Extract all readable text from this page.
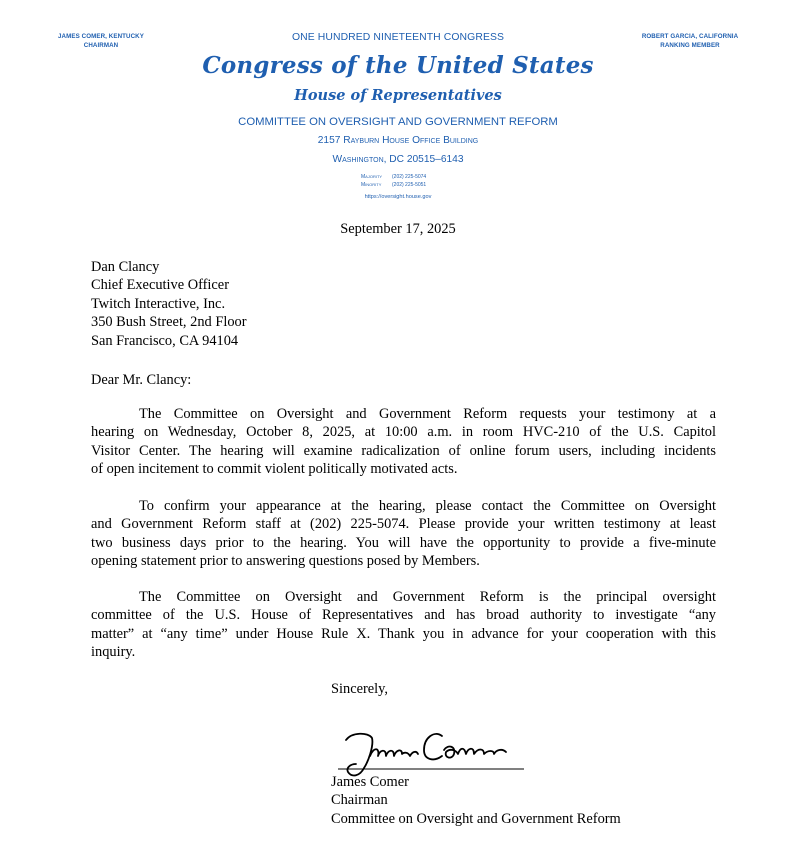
JAMES COMER, KENTUCKY
CHAIRMAN
ROBERT GARCIA, CALIFORNIA
RANKING MEMBER
ONE HUNDRED NINETEENTH CONGRESS
Congress of the United States
House of Representatives
COMMITTEE ON OVERSIGHT AND GOVERNMENT REFORM
2157 Rayburn House Office Building
Washington, DC 20515–6143
Majority (202) 225-5074
Minority (202) 225-5051
https://oversight.house.gov
September 17, 2025
Dan Clancy
Chief Executive Officer
Twitch Interactive, Inc.
350 Bush Street, 2nd Floor
San Francisco, CA 94104
Dear Mr. Clancy:
The Committee on Oversight and Government Reform requests your testimony at a
hearing on Wednesday, October 8, 2025, at 10:00 a.m. in room HVC-210 of the U.S. Capitol
Visitor Center. The hearing will examine radicalization of online forum users, including incidents
of open incitement to commit violent politically motivated acts.
To confirm your appearance at the hearing, please contact the Committee on Oversight
and Government Reform staff at (202) 225-5074. Please provide your written testimony at least
two business days prior to the hearing. You will have the opportunity to provide a five-minute
opening statement prior to answering questions posed by Members.
The Committee on Oversight and Government Reform is the principal oversight
committee of the U.S. House of Representatives and has broad authority to investigate “any
matter” at “any time” under House Rule X. Thank you in advance for your cooperation with this
inquiry.
Sincerely,
James Comer
Chairman
Committee on Oversight and Government Reform
